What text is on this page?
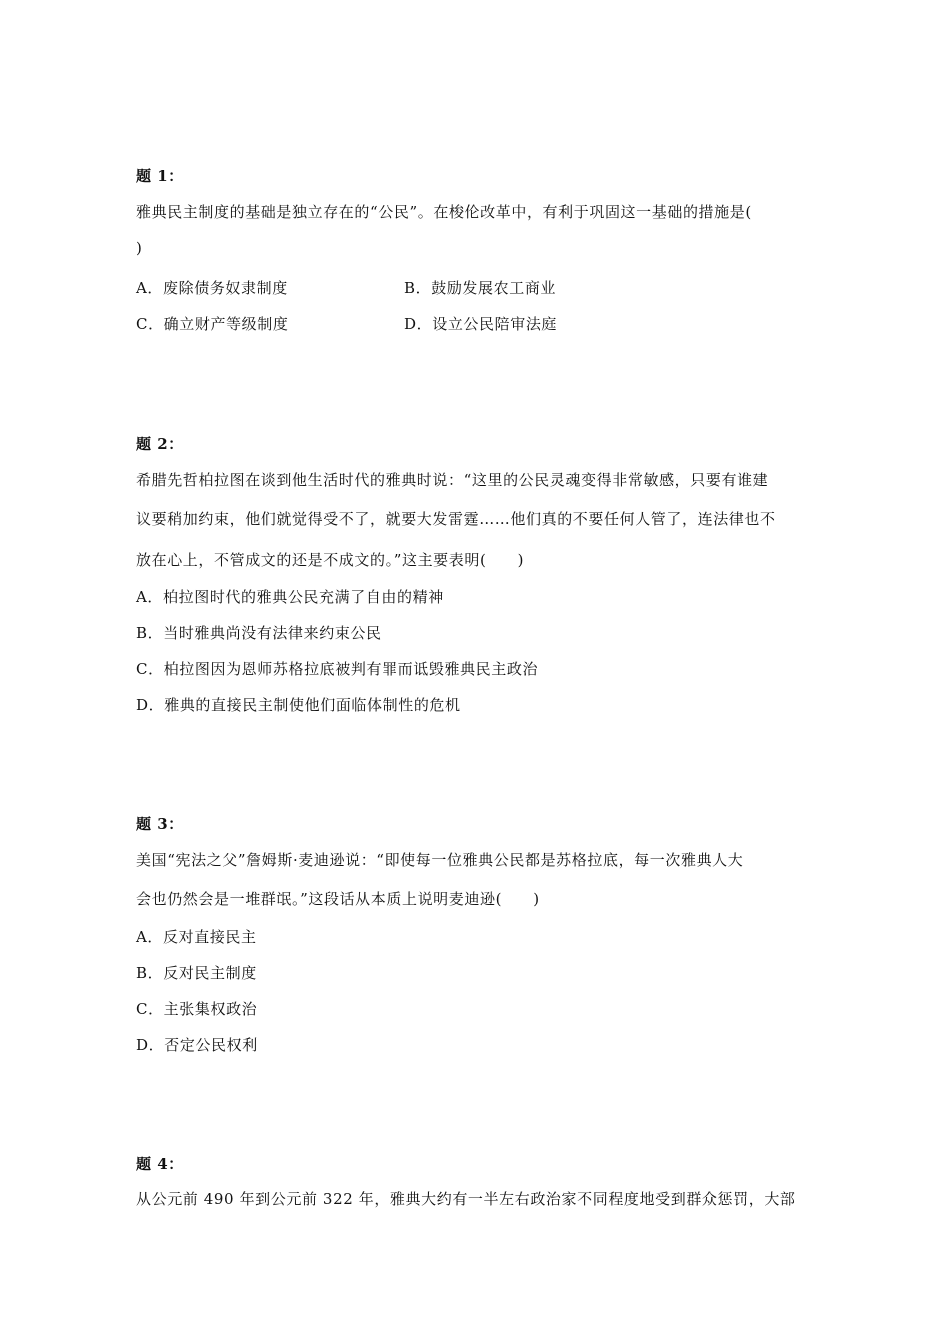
题 1：
雅典民主制度的基础是独立存在的“公民”。在梭伦改革中，有利于巩固这一基础的措施是(
)
A．废除债务奴隶制度	B．鼓励发展农工商业
C．确立财产等级制度	D．设立公民陪审法庭
题 2：
希腊先哲柏拉图在谈到他生活时代的雅典时说：“这里的公民灵魂变得非常敏感，只要有谁建
议要稍加约束，他们就觉得受不了，就要大发雷霆……他们真的不要任何人管了，连法律也不
放在心上，不管成文的还是不成文的。”这主要表明(　　)
A．柏拉图时代的雅典公民充满了自由的精神
B．当时雅典尚没有法律来约束公民
C．柏拉图因为恩师苏格拉底被判有罪而诋毁雅典民主政治
D．雅典的直接民主制使他们面临体制性的危机
题 3：
美国“宪法之父”詹姆斯·麦迪逊说：“即使每一位雅典公民都是苏格拉底，每一次雅典人大
会也仍然会是一堆群氓。”这段话从本质上说明麦迪逊(　　)
A．反对直接民主
B．反对民主制度
C．主张集权政治
D．否定公民权利
题 4：
从公元前 490 年到公元前 322 年，雅典大约有一半左右政治家不同程度地受到群众惩罚，大部
